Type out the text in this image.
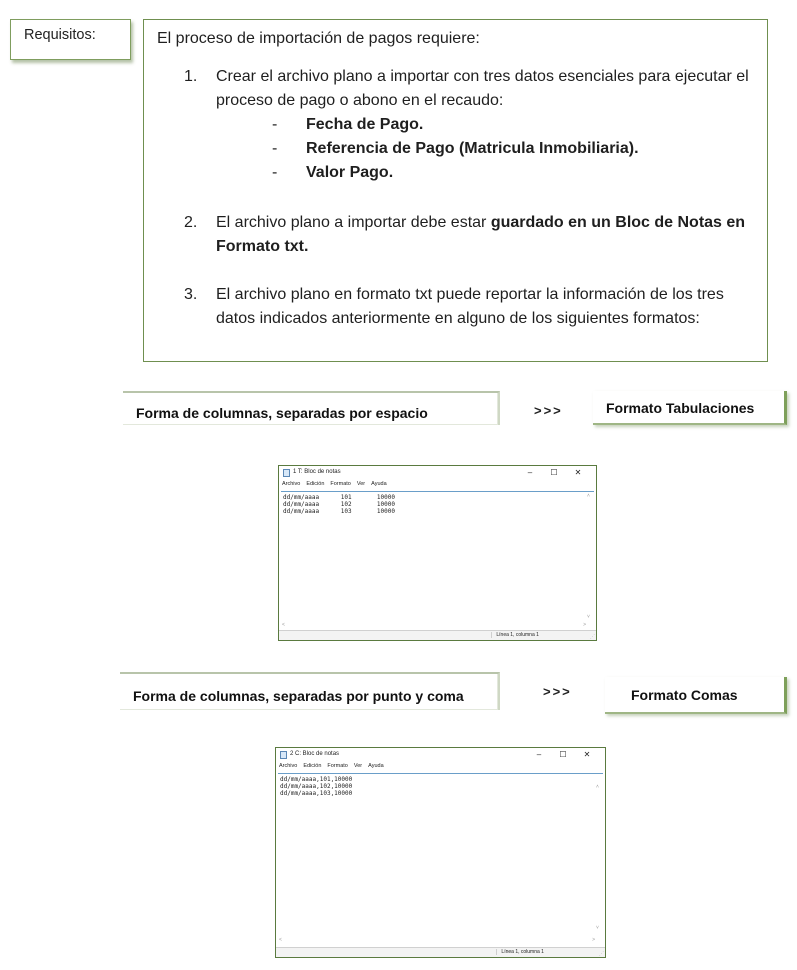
Requisitos:	El proceso de importación de pagos requiere:
1. Crear el archivo plano a importar con tres datos esenciales para ejecutar el proceso de pago o abono en el recaudo:
- Fecha de Pago.
- Referencia de Pago (Matricula Inmobiliaria).
- Valor Pago.
2. El archivo plano a importar debe estar guardado en un Bloc de Notas en Formato txt.
3. El archivo plano en formato txt puede reportar la información de los tres datos indicados anteriormente en alguno de los siguientes formatos:
Forma de columnas, separadas por espacio	>>>	Formato Tabulaciones
1 T: Bloc de notas	– ☐ ✕
Archivo Edición Formato Ver Ayuda
dd/mm/aaaa      101       10000
dd/mm/aaaa      102       10000
dd/mm/aaaa      103       10000
˄
˅
<	>
Línea 1, columna 1	⋰
Forma de columnas, separadas por punto y coma	>>>	Formato Comas
2 C: Bloc de notas	– ☐ ✕
Archivo Edición Formato Ver Ayuda
dd/mm/aaaa,101,10000
dd/mm/aaaa,102,10000
dd/mm/aaaa,103,10000
˄
˅
<	>
Línea 1, columna 1	⋰
